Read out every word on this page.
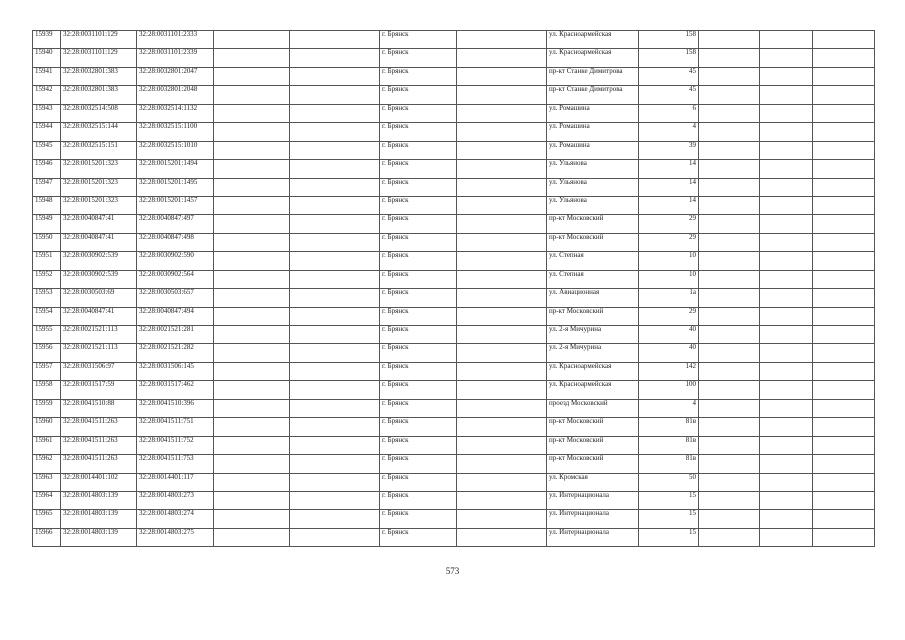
15939	32:28:0031101:129	32:28:0031101:2333			г. Брянск		ул. Красноармейская	158			
15940	32:28:0031101:129	32:28:0031101:2339			г. Брянск		ул. Красноармейская	158			
15941	32:28:0032801:383	32:28:0032801:2047			г. Брянск		пр-кт Станке Димитрова	45			
15942	32:28:0032801:383	32:28:0032801:2048			г. Брянск		пр-кт Станке Димитрова	45			
15943	32:28:0032514:508	32:28:0032514:1132			г. Брянск		ул. Ромашина	6			
15944	32:28:0032515:144	32:28:0032515:1100			г. Брянск		ул. Ромашина	4			
15945	32:28:0032515:151	32:28:0032515:1010			г. Брянск		ул. Ромашина	39			
15946	32:28:0015201:323	32:28:0015201:1494			г. Брянск		ул. Ульянова	14			
15947	32:28:0015201:323	32:28:0015201:1495			г. Брянск		ул. Ульянова	14			
15948	32:28:0015201:323	32:28:0015201:1457			г. Брянск		ул. Ульянова	14			
15949	32:28:0040847:41	32:28:0040847:497			г. Брянск		пр-кт Московский	29			
15950	32:28:0040847:41	32:28:0040847:498			г. Брянск		пр-кт Московский	29			
15951	32:28:0030902:539	32:28:0030902:590			г. Брянск		ул. Степная	10			
15952	32:28:0030902:539	32:28:0030902:564			г. Брянск		ул. Степная	10			
15953	32:28:0030503:69	32:28:0030503:657			г. Брянск		ул. Авиационная	1а			
15954	32:28:0040847:41	32:28:0040847:494			г. Брянск		пр-кт Московский	29			
15955	32:28:0021521:113	32:28:0021521:281			г. Брянск		ул. 2-я Мичурина	40			
15956	32:28:0021521:113	32:28:0021521:282			г. Брянск		ул. 2-я Мичурина	40			
15957	32:28:0031506:97	32:28:0031506:145			г. Брянск		ул. Красноармейская	142			
15958	32:28:0031517:59	32:28:0031517:462			г. Брянск		ул. Красноармейская	100			
15959	32:28:0041510:88	32:28:0041510:396			г. Брянск		проезд Московский	4			
15960	32:28:0041511:263	32:28:0041511:751			г. Брянск		пр-кт Московский	81в			
15961	32:28:0041511:263	32:28:0041511:752			г. Брянск		пр-кт Московский	81в			
15962	32:28:0041511:263	32:28:0041511:753			г. Брянск		пр-кт Московский	81в			
15963	32:28:0014401:102	32:28:0014401:117			г. Брянск		ул. Кромская	50			
15964	32:28:0014803:139	32:28:0014803:273			г. Брянск		ул. Интернационала	15			
15965	32:28:0014803:139	32:28:0014803:274			г. Брянск		ул. Интернационала	15			
15966	32:28:0014803:139	32:28:0014803:275			г. Брянск		ул. Интернационала	15			
573
